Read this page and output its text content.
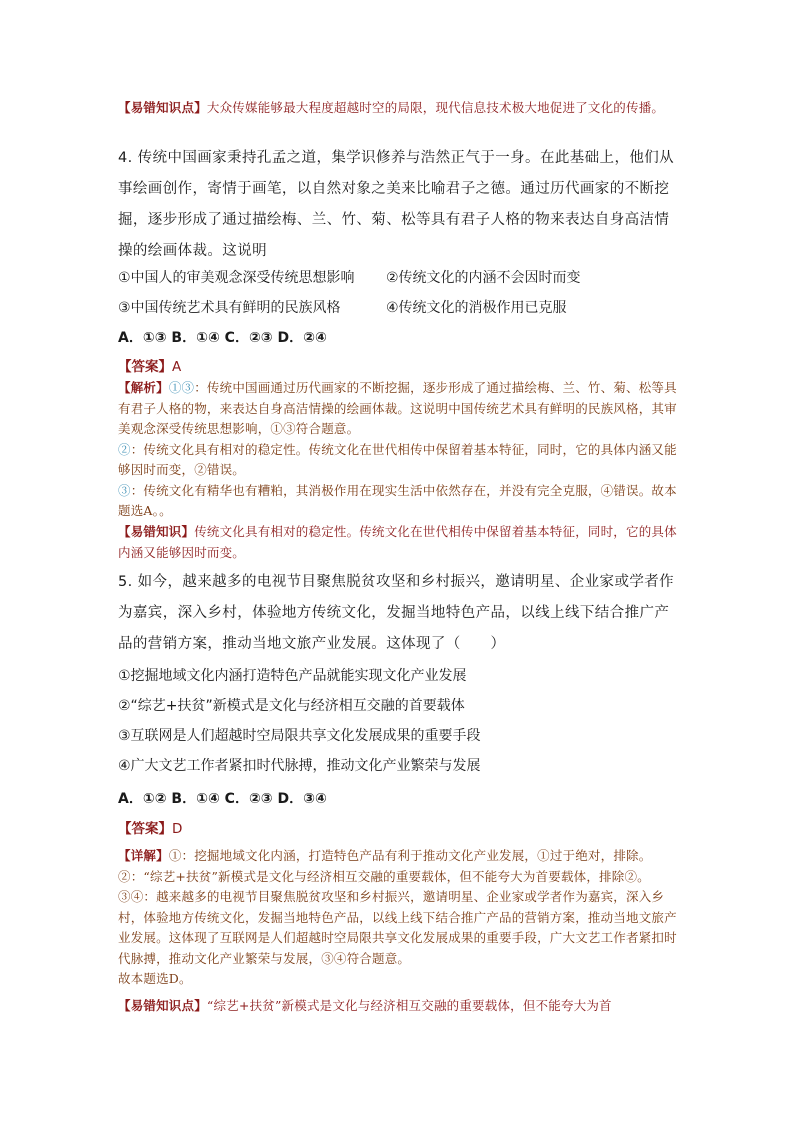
【易错知识点】大众传媒能够最大程度超越时空的局限，现代信息技术极大地促进了文化的传播。
4. 传统中国画家秉持孔孟之道，集学识修养与浩然正气于一身。在此基础上，他们从事绘画创作，寄情于画笔，以自然对象之美来比喻君子之德。通过历代画家的不断挖掘，逐步形成了通过描绘梅、兰、竹、菊、松等具有君子人格的物来表达自身高洁情操的绘画体裁。这说明
①中国人的审美观念深受传统思想影响	②传统文化的内涵不会因时而变
③中国传统艺术具有鲜明的民族风格	④传统文化的消极作用已克服
A．①③ B．①④ C．②③ D．②④
【答案】A
【解析】①③：传统中国画通过历代画家的不断挖掘，逐步形成了通过描绘梅、兰、竹、菊、松等具有君子人格的物，来表达自身高洁情操的绘画体裁。这说明中国传统艺术具有鲜明的民族风格，其审美观念深受传统思想影响，①③符合题意。
②：传统文化具有相对的稳定性。传统文化在世代相传中保留着基本特征，同时，它的具体内涵又能够因时而变，②错误。
③：传统文化有精华也有糟粕，其消极作用在现实生活中依然存在，并没有完全克服，④错误。故本题选A。。
【易错知识】传统文化具有相对的稳定性。传统文化在世代相传中保留着基本特征，同时，它的具体内涵又能够因时而变。
5. 如今，越来越多的电视节目聚焦脱贫攻坚和乡村振兴，邀请明星、企业家或学者作为嘉宾，深入乡村，体验地方传统文化，发掘当地特色产品，以线上线下结合推广产品的营销方案，推动当地文旅产业发展。这体现了（　　）
①挖掘地域文化内涵打造特色产品就能实现文化产业发展
②“综艺+扶贫”新模式是文化与经济相互交融的首要载体
③互联网是人们超越时空局限共享文化发展成果的重要手段
④广大文艺工作者紧扣时代脉搏，推动文化产业繁荣与发展
A．①② B．①④ C．②③ D．③④
【答案】D
【详解】①：挖掘地域文化内涵，打造特色产品有利于推动文化产业发展，①过于绝对，排除。②：“综艺+扶贫”新模式是文化与经济相互交融的重要载体，但不能夸大为首要载体，排除②。③④：越来越多的电视节目聚焦脱贫攻坚和乡村振兴，邀请明星、企业家或学者作为嘉宾，深入乡村，体验地方传统文化，发掘当地特色产品，以线上线下结合推广产品的营销方案，推动当地文旅产业发展。这体现了互联网是人们超越时空局限共享文化发展成果的重要手段，广大文艺工作者紧扣时代脉搏，推动文化产业繁荣与发展，③④符合题意。
故本题选D。
【易错知识点】“综艺+扶贫”新模式是文化与经济相互交融的重要载体，但不能夸大为首
